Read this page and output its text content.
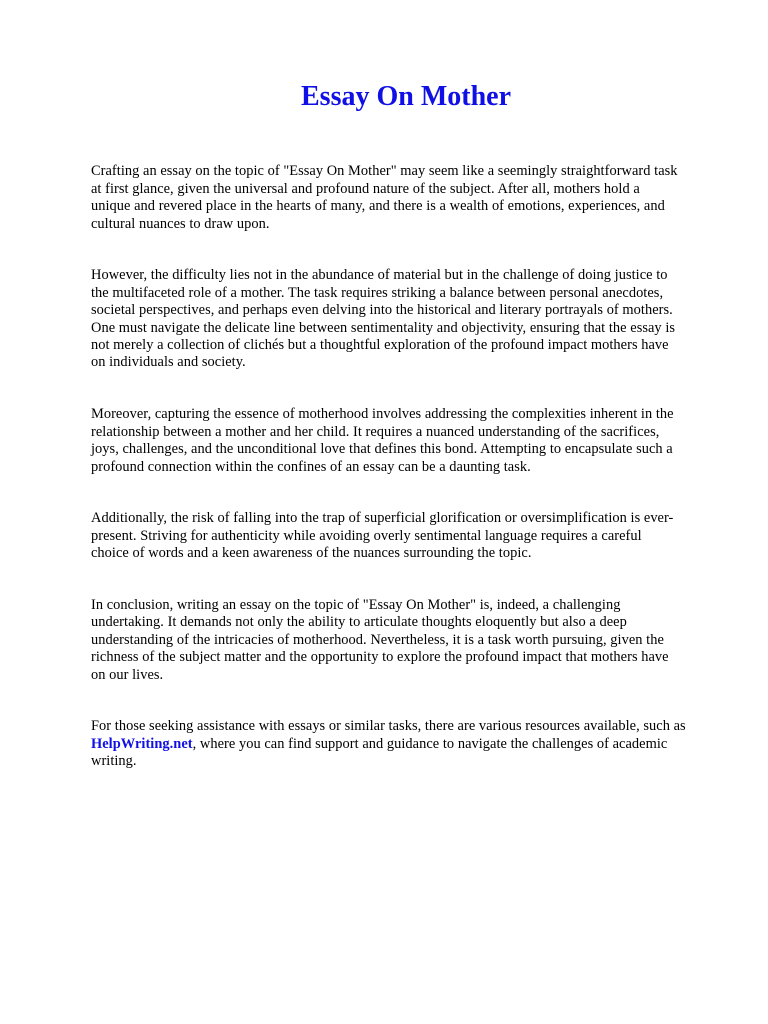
Essay On Mother

Crafting an essay on the topic of "Essay On Mother" may seem like a seemingly straightforward task
at first glance, given the universal and profound nature of the subject. After all, mothers hold a
unique and revered place in the hearts of many, and there is a wealth of emotions, experiences, and
cultural nuances to draw upon.

However, the difficulty lies not in the abundance of material but in the challenge of doing justice to
the multifaceted role of a mother. The task requires striking a balance between personal anecdotes,
societal perspectives, and perhaps even delving into the historical and literary portrayals of mothers.
One must navigate the delicate line between sentimentality and objectivity, ensuring that the essay is
not merely a collection of clichés but a thoughtful exploration of the profound impact mothers have
on individuals and society.

Moreover, capturing the essence of motherhood involves addressing the complexities inherent in the
relationship between a mother and her child. It requires a nuanced understanding of the sacrifices,
joys, challenges, and the unconditional love that defines this bond. Attempting to encapsulate such a
profound connection within the confines of an essay can be a daunting task.

Additionally, the risk of falling into the trap of superficial glorification or oversimplification is ever-
present. Striving for authenticity while avoiding overly sentimental language requires a careful
choice of words and a keen awareness of the nuances surrounding the topic.

In conclusion, writing an essay on the topic of "Essay On Mother" is, indeed, a challenging
undertaking. It demands not only the ability to articulate thoughts eloquently but also a deep
understanding of the intricacies of motherhood. Nevertheless, it is a task worth pursuing, given the
richness of the subject matter and the opportunity to explore the profound impact that mothers have
on our lives.

For those seeking assistance with essays or similar tasks, there are various resources available, such as
HelpWriting.net, where you can find support and guidance to navigate the challenges of academic
writing.
